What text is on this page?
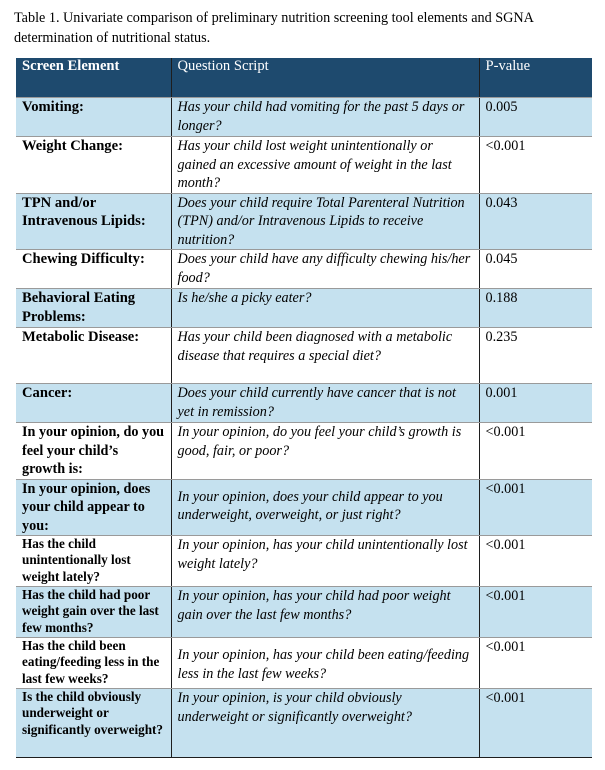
Table 1. Univariate comparison of preliminary nutrition screening tool elements and SGNA determination of nutritional status.
Screen Element	Question Script	P-value
Vomiting:	Has your child had vomiting for the past 5 days or longer?	0.005
Weight Change:	Has your child lost weight unintentionally or gained an excessive amount of weight in the last month?	<0.001
TPN and/or Intravenous Lipids:	Does your child require Total Parenteral Nutrition (TPN) and/or Intravenous Lipids to receive nutrition?	0.043
Chewing Difficulty:	Does your child have any difficulty chewing his/her food?	0.045
Behavioral Eating Problems:	Is he/she a picky eater?	0.188
Metabolic Disease:	Has your child been diagnosed with a metabolic disease that requires a special diet?	0.235
Cancer:	Does your child currently have cancer that is not yet in remission?	0.001
In your opinion, do you feel your child’s growth is:	In your opinion, do you feel your child’s growth is good, fair, or poor?	<0.001
In your opinion, does your child appear to you:	In your opinion, does your child appear to you underweight, overweight, or just right?	<0.001
Has the child unintentionally lost weight lately?	In your opinion, has your child unintentionally lost weight lately?	<0.001
Has the child had poor weight gain over the last few months?	In your opinion, has your child had poor weight gain over the last few months?	<0.001
Has the child been eating/feeding less in the last few weeks?	In your opinion, has your child been eating/feeding less in the last few weeks?	<0.001
Is the child obviously underweight or significantly overweight?	In your opinion, is your child obviously underweight or significantly overweight?	<0.001
